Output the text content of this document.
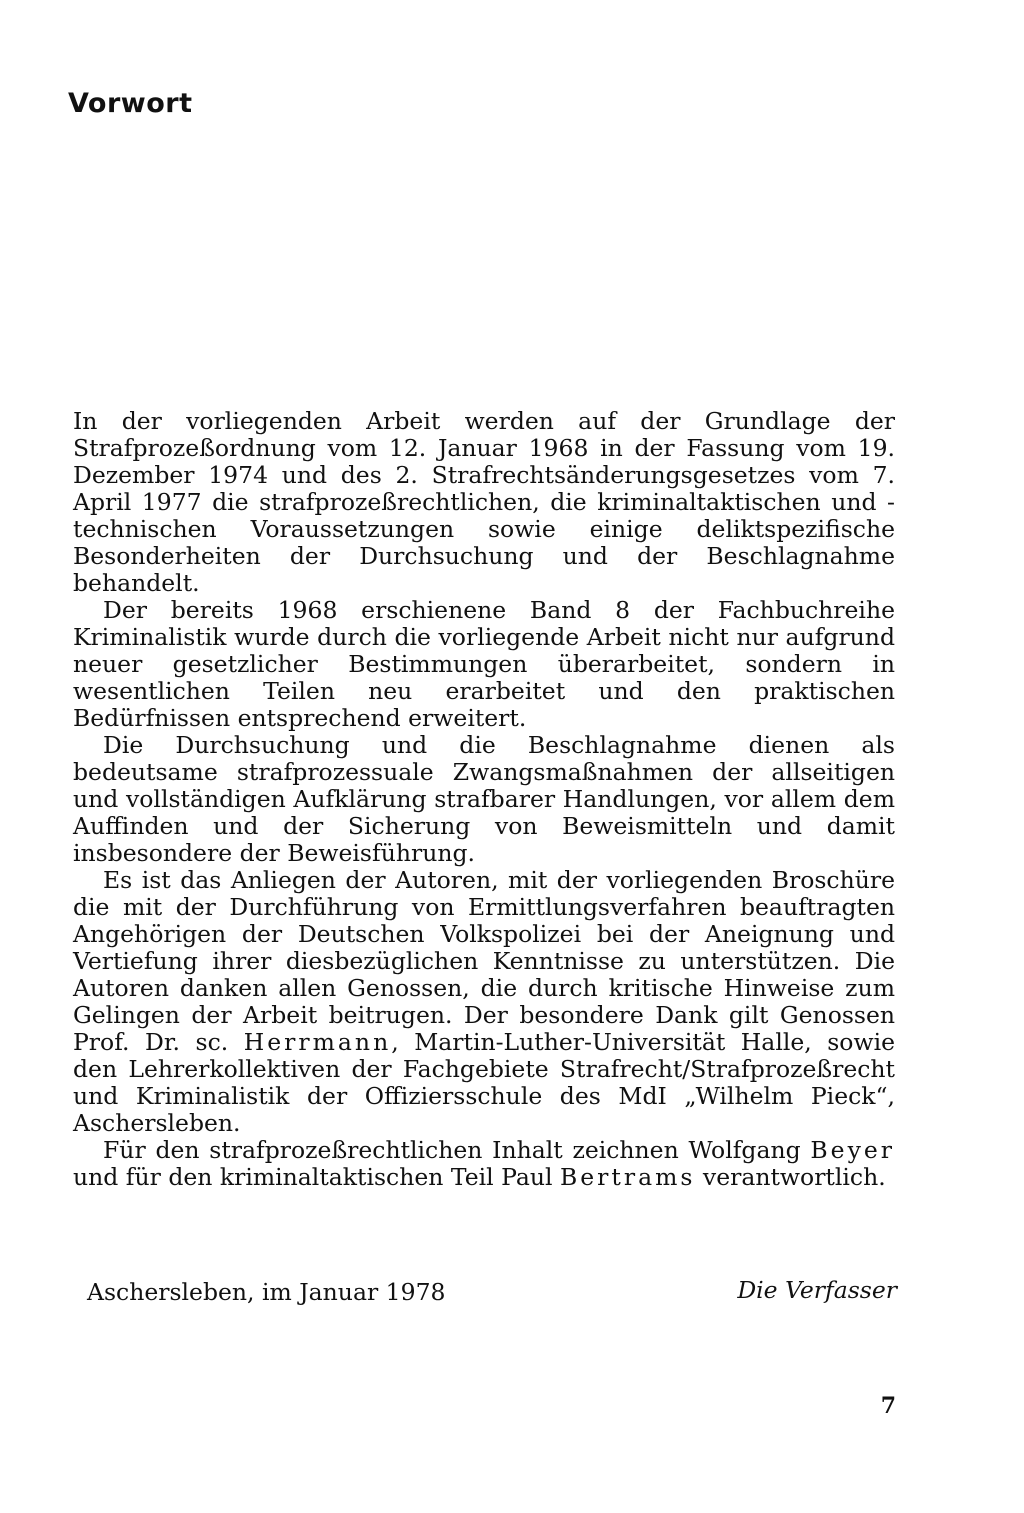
Vorwort

In der vorliegenden Arbeit werden auf der Grundlage der Strafprozeßordnung vom 12. Januar 1968 in der Fassung vom 19. Dezember 1974 und des 2. Strafrechtsänderungsgesetzes vom 7. April 1977 die strafprozeßrechtlichen, die kriminaltaktischen und -technischen Voraussetzungen sowie einige deliktspezifische Besonderheiten der Durchsuchung und der Beschlagnahme behandelt.

Der bereits 1968 erschienene Band 8 der Fachbuchreihe Kriminalistik wurde durch die vorliegende Arbeit nicht nur aufgrund neuer gesetzlicher Bestimmungen überarbeitet, sondern in wesentlichen Teilen neu erarbeitet und den praktischen Bedürfnissen entsprechend erweitert.

Die Durchsuchung und die Beschlagnahme dienen als bedeutsame strafprozessuale Zwangsmaßnahmen der allseitigen und vollständigen Aufklärung strafbarer Handlungen, vor allem dem Auffinden und der Sicherung von Beweismitteln und damit insbesondere der Beweisführung.

Es ist das Anliegen der Autoren, mit der vorliegenden Broschüre die mit der Durchführung von Ermittlungsverfahren beauftragten Angehörigen der Deutschen Volkspolizei bei der Aneignung und Vertiefung ihrer diesbezüglichen Kenntnisse zu unterstützen. Die Autoren danken allen Genossen, die durch kritische Hinweise zum Gelingen der Arbeit beitrugen. Der besondere Dank gilt Genossen Prof. Dr. sc. Herrmann, Martin-Luther-Universität Halle, sowie den Lehrerkollektiven der Fachgebiete Strafrecht/Strafprozeßrecht und Kriminalistik der Offiziersschule des MdI „Wilhelm Pieck“, Aschersleben.

Für den strafprozeßrechtlichen Inhalt zeichnen Wolfgang Beyer und für den kriminaltaktischen Teil Paul Bertrams verantwortlich.

Aschersleben, im Januar 1978	Die Verfasser
7
